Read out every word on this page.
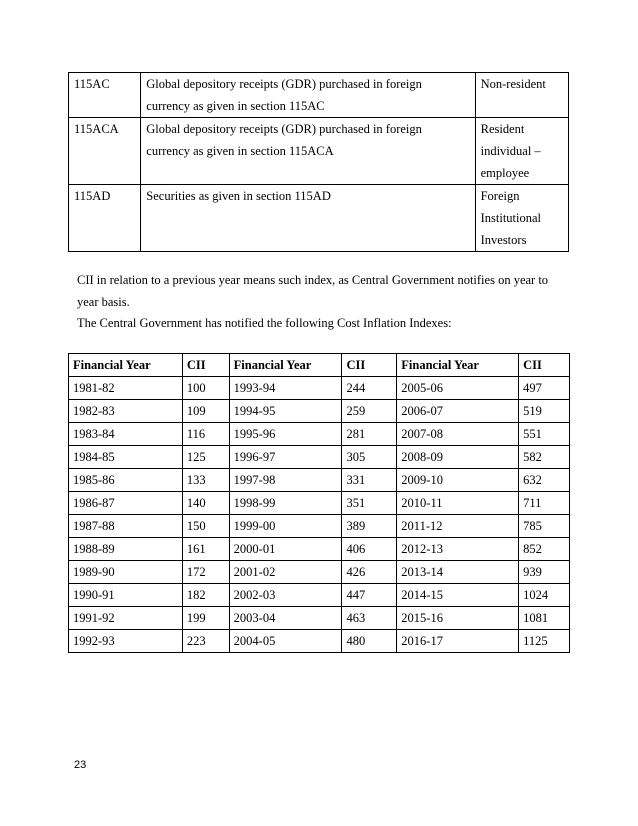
115AC	Global depository receipts (GDR) purchased in foreign
currency as given in section 115AC	Non-resident

115ACA	Global depository receipts (GDR) purchased in foreign
currency as given in section 115ACA	Resident
individual –
employee

115AD	Securities as given in section 115AD	Foreign
Institutional
Investors

CII in relation to a previous year means such index, as Central Government notifies on year to

year basis.

The Central Government has notified the following Cost Inflation Indexes:

Financial Year	CII	Financial Year	CII	Financial Year	CII
1981-82	100	1993-94	244	2005-06	497
1982-83	109	1994-95	259	2006-07	519
1983-84	116	1995-96	281	2007-08	551
1984-85	125	1996-97	305	2008-09	582
1985-86	133	1997-98	331	2009-10	632
1986-87	140	1998-99	351	2010-11	711
1987-88	150	1999-00	389	2011-12	785
1988-89	161	2000-01	406	2012-13	852
1989-90	172	2001-02	426	2013-14	939
1990-91	182	2002-03	447	2014-15	1024
1991-92	199	2003-04	463	2015-16	1081
1992-93	223	2004-05	480	2016-17	1125
23
